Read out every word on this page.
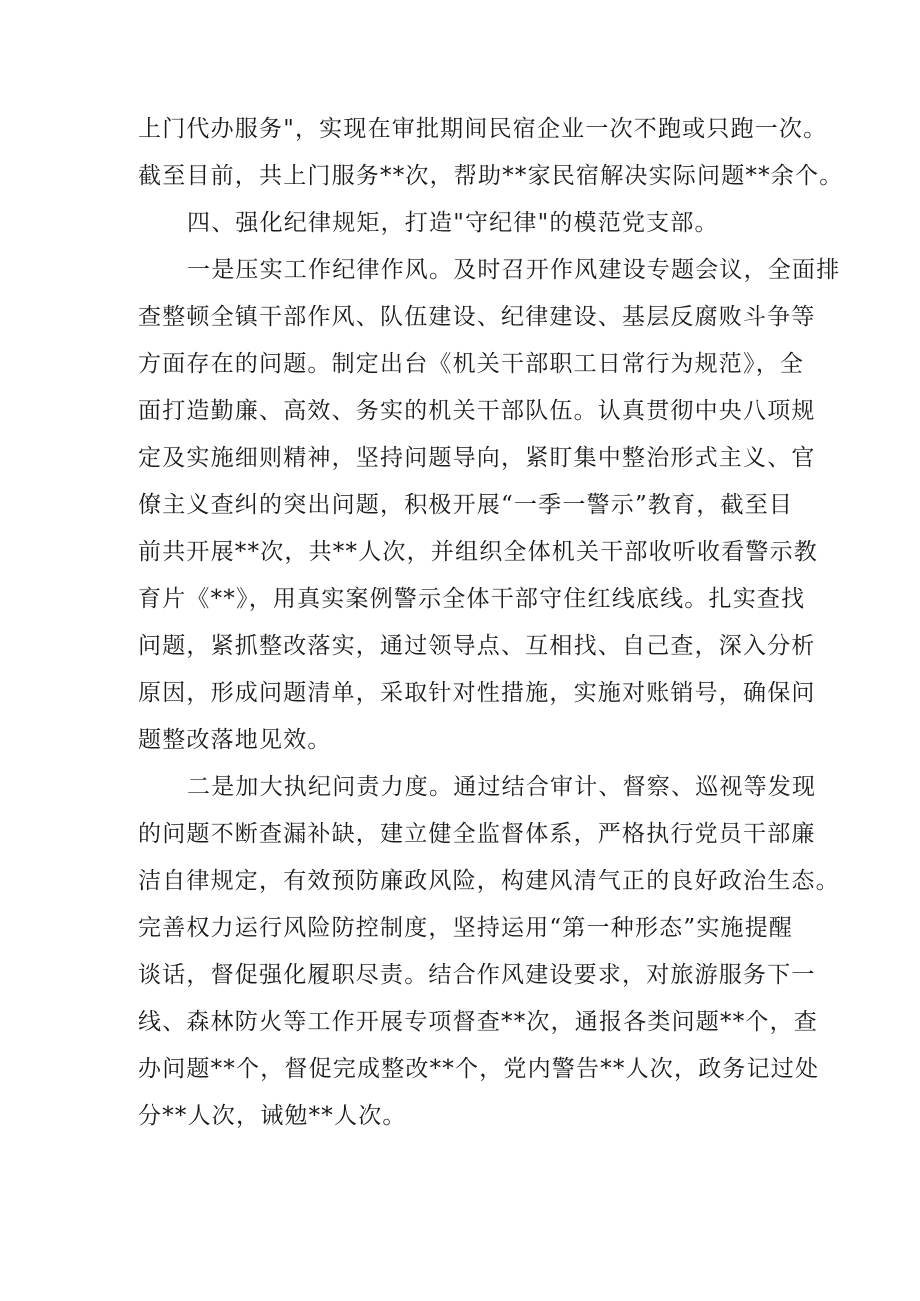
上门代办服务"，实现在审批期间民宿企业一次不跑或只跑一次。
截至目前，共上门服务**次，帮助**家民宿解决实际问题**余个。
四、强化纪律规矩，打造"守纪律"的模范党支部。
一是压实工作纪律作风。及时召开作风建设专题会议，全面排
查整顿全镇干部作风、队伍建设、纪律建设、基层反腐败斗争等
方面存在的问题。制定出台《机关干部职工日常行为规范》，全
面打造勤廉、高效、务实的机关干部队伍。认真贯彻中央八项规
定及实施细则精神，坚持问题导向，紧盯集中整治形式主义、官
僚主义查纠的突出问题，积极开展“一季一警示”教育，截至目
前共开展**次，共**人次，并组织全体机关干部收听收看警示教
育片《**》，用真实案例警示全体干部守住红线底线。扎实查找
问题，紧抓整改落实，通过领导点、互相找、自己查，深入分析
原因，形成问题清单，采取针对性措施，实施对账销号，确保问
题整改落地见效。
二是加大执纪问责力度。通过结合审计、督察、巡视等发现
的问题不断查漏补缺，建立健全监督体系，严格执行党员干部廉
洁自律规定，有效预防廉政风险，构建风清气正的良好政治生态。
完善权力运行风险防控制度，坚持运用“第一种形态”实施提醒
谈话，督促强化履职尽责。结合作风建设要求，对旅游服务下一
线、森林防火等工作开展专项督查**次，通报各类问题**个，查
办问题**个，督促完成整改**个，党内警告**人次，政务记过处
分**人次，诫勉**人次。
